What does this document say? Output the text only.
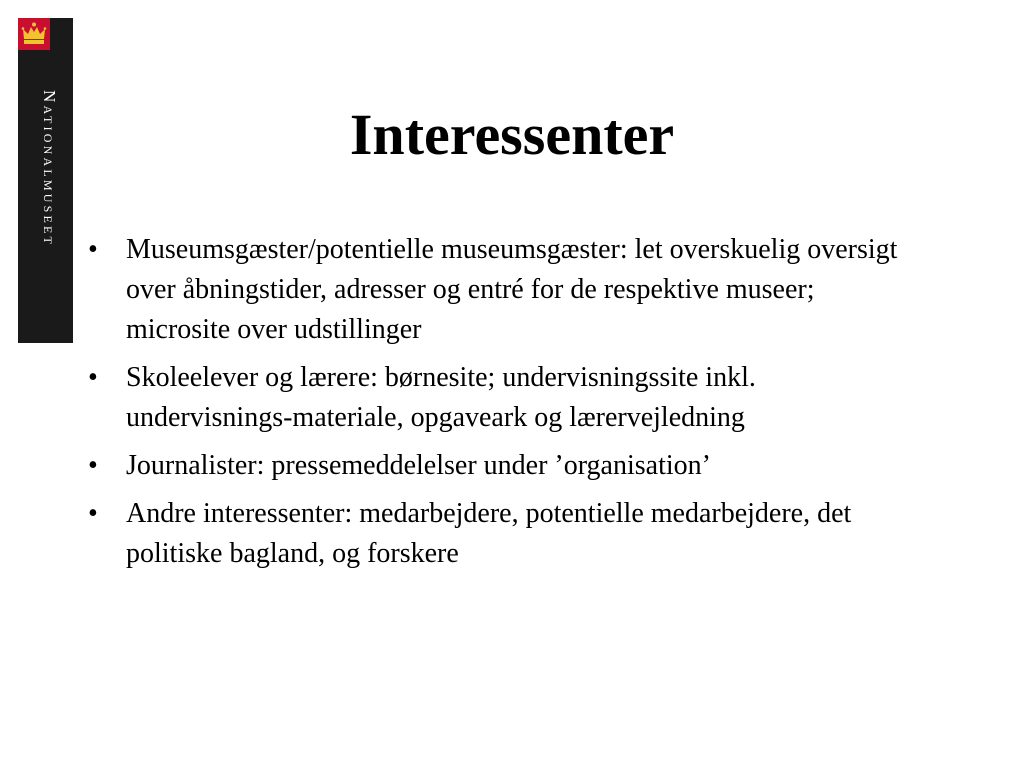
Nationalmuseet	Interessenter
• Museumsgæster/potentielle museumsgæster: let overskuelig oversigt over åbningstider, adresser og entré for de respektive museer; microsite over udstillinger
• Skoleelever og lærere: børnesite; undervisningssite inkl. undervisnings-materiale, opgaveark og lærervejledning
• Journalister: pressemeddelelser under ’organisation’
• Andre interessenter: medarbejdere, potentielle medarbejdere, det politiske bagland, og forskere
